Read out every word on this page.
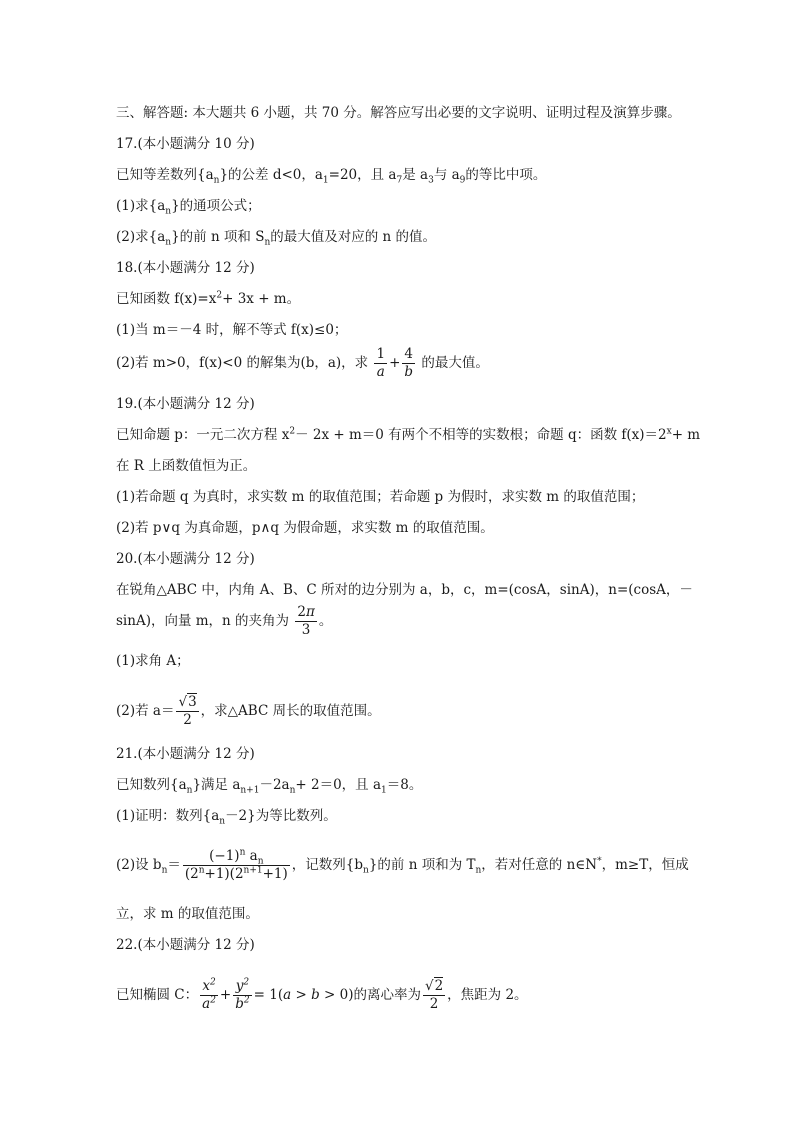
三、解答题: 本大题共 6 小题，共 70 分。解答应写出必要的文字说明、证明过程及演算步骤。
17.(本小题满分 10 分)
已知等差数列$\{a_n\}$的公差 d<0，$a_1=20$，且 $a_7$是 $a_3$与 $a_9$的等比中项。
(1)求$\{a_n\}$的通项公式；
(2)求$\{a_n\}$的前 n 项和 $S_n$的最大值及对应的 n 的值。
18.(本小题满分 12 分)
已知函数 $f(x)=x^2+ 3x + m$。
(1)当 m＝－4 时，解不等式 f(x)≤0；
(2)若 m>0，f(x)<0 的解集为(b，a)，求 $\frac{1}{a} + \frac{4}{b}$ 的最大值。
19.(本小题满分 12 分)
已知命题 p：一元二次方程 $x^2- 2x + m=0$ 有两个不相等的实数根；命题 q：函数 $f(x)=2^x+ m$
在 R 上函数值恒为正。
(1)若命题 q 为真时，求实数 m 的取值范围；若命题 p 为假时，求实数 m 的取值范围；
(2)若 p∨q 为真命题，p∧q 为假命题，求实数 m 的取值范围。
20.(本小题满分 12 分)
在锐角△ABC 中，内角 A、B、C 所对的边分别为 a，b，c，m=(cosA，sinA)，n=(cosA，－
sinA)，向量 m，n 的夹角为 $\frac{2\pi}{3}$ 。
(1)求角 A；
(2)若 $a= \frac{√3}{2}$ ，求△ABC 周长的取值范围。
21.(本小题满分 12 分)
已知数列$\{a_n\}$满足 $a_{n+1}-2a_n+ 2=0$，且 $a_1=8$。
(1)证明：数列$\{a_n-2\}$为等比数列。
(2)设 $b_n= \frac{(-1)^n a_n}{(2^n+1)(2^{n+1}+1)}$ ，记数列$\{b_n\}$的前 n 项和为 $T_n$，若对任意的 n∈N*，m≥T，恒成
立，求 m 的取值范围。
22.(本小题满分 12 分)
已知椭圆 C： $\frac{x^2}{a^2} + \frac{y^2}{b^2} = 1(a > b > 0)$的离心率为 $\frac{√2}{2}$ ，焦距为 2。
